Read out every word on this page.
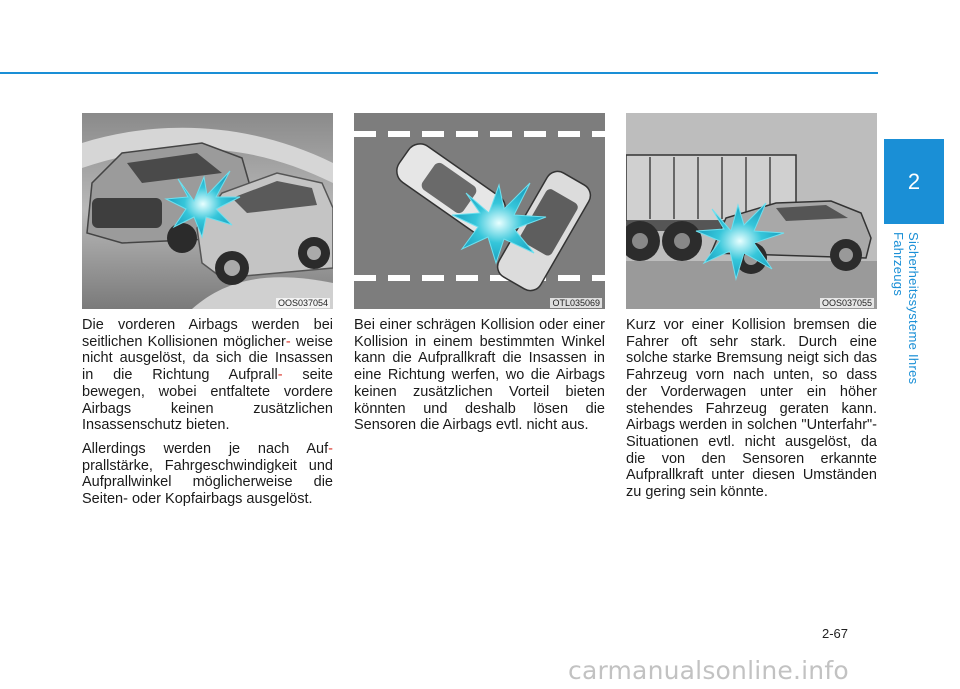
2
Sicherheitssysteme Ihres Fahrzeugs
OOS037054

Die vorderen Airbags werden bei seitlichen Kollisionen möglicher- weise nicht ausgelöst, da sich die Insassen in die Richtung Aufprall- seite bewegen, wobei entfaltete vordere Airbags keinen zusätzlichen Insassenschutz bieten.

Allerdings werden je nach Auf- prallstärke, Fahrgeschwindigkeit und Aufprallwinkel möglicherweise die Seiten- oder Kopfairbags ausgelöst.

OTL035069

Bei einer schrägen Kollision oder einer Kollision in einem bestimmten Winkel kann die Aufprallkraft die Insassen in eine Richtung werfen, wo die Airbags keinen zusätzlichen Vorteil bieten könnten und deshalb lösen die Sensoren die Airbags evtl. nicht aus.

OOS037055

Kurz vor einer Kollision bremsen die Fahrer oft sehr stark. Durch eine solche starke Bremsung neigt sich das Fahrzeug vorn nach unten, so dass der Vorderwagen unter ein höher stehendes Fahrzeug geraten kann. Airbags werden in solchen "Unterfahr"- Situationen evtl. nicht ausgelöst, da die von den Sensoren erkannte Aufprallkraft unter diesen Umständen zu gering sein könnte.

2-67
carmanualsonline.info
